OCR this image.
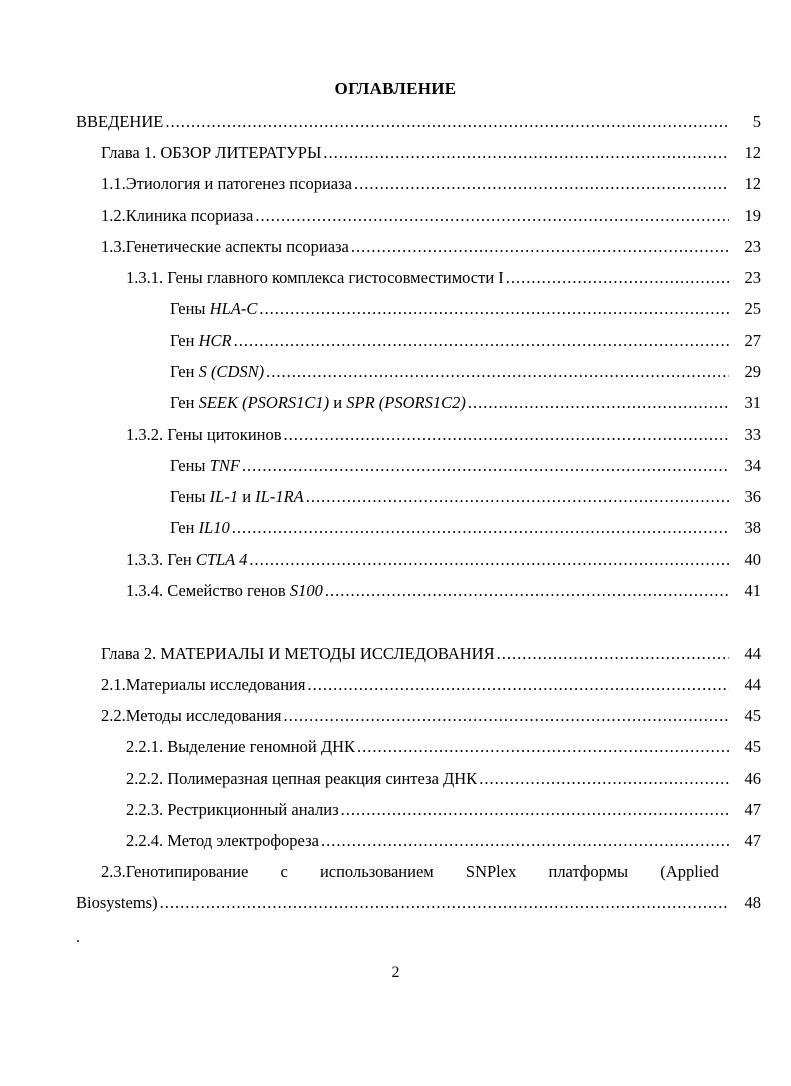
ОГЛАВЛЕНИЕ
ВВЕДЕНИЕ .....	5
Глава 1. ОБЗОР ЛИТЕРАТУРЫ .....	12
1.1.Этиология и патогенез псориаза .....	12
1.2.Клиника псориаза .....	19
1.3.Генетические аспекты псориаза .....	23
1.3.1. Гены главного комплекса гистосовместимости I .....	23
Гены HLA-C .....	25
Ген HCR .....	27
Ген S (CDSN) .....	29
Ген SEEK (PSORS1C1) и SPR (PSORS1C2) .....	31
1.3.2. Гены цитокинов .....	33
Гены TNF .....	34
Гены IL-1 и IL-1RA .....	36
Ген IL10 .....	38
1.3.3. Ген CTLA 4 .....	40
1.3.4. Семейство генов S100 .....	41
Глава 2. МАТЕРИАЛЫ И МЕТОДЫ ИССЛЕДОВАНИЯ .....	44
2.1.Материалы исследования .....	44
2.2.Методы исследования .....	45
2.2.1. Выделение геномной ДНК .....	45
2.2.2. Полимеразная цепная реакция синтеза ДНК .....	46
2.2.3. Рестрикционный анализ .....	47
2.2.4. Метод электрофореза .....	47
2.3.Генотипирование с использованием SNPlex платформы (Applied
Biosystems) .....	48
.
2
